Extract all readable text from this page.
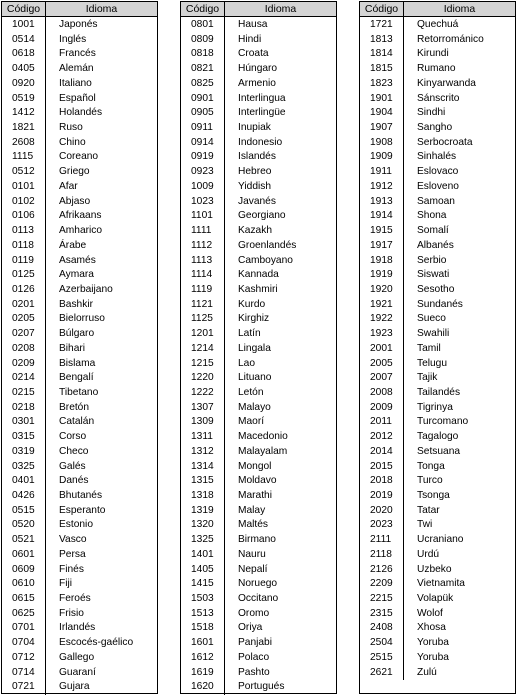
Código	Idioma
1001	Japonés
0514	Inglés
0618	Francés
0405	Alemán
0920	Italiano
0519	Español
1412	Holandés
1821	Ruso
2608	Chino
1115	Coreano
0512	Griego
0101	Afar
0102	Abjaso
0106	Afrikaans
0113	Amharico
0118	Árabe
0119	Asamés
0125	Aymara
0126	Azerbaijano
0201	Bashkir
0205	Bielorruso
0207	Búlgaro
0208	Bihari
0209	Bislama
0214	Bengalí
0215	Tibetano
0218	Bretón
0301	Catalán
0315	Corso
0319	Checo
0325	Galés
0401	Danés
0426	Bhutanés
0515	Esperanto
0520	Estonio
0521	Vasco
0601	Persa
0609	Finés
0610	Fiji
0615	Feroés
0625	Frisio
0701	Irlandés
0704	Escocés-gaélico
0712	Gallego
0714	Guaraní
0721	Gujara
Código	Idioma
0801	Hausa
0809	Hindi
0818	Croata
0821	Húngaro
0825	Armenio
0901	Interlingua
0905	Interlingüe
0911	Inupiak
0914	Indonesio
0919	Islandés
0923	Hebreo
1009	Yiddish
1023	Javanés
1101	Georgiano
1111	Kazakh
1112	Groenlandés
1113	Camboyano
1114	Kannada
1119	Kashmiri
1121	Kurdo
1125	Kirghiz
1201	Latín
1214	Lingala
1215	Lao
1220	Lituano
1222	Letón
1307	Malayo
1309	Maorí
1311	Macedonio
1312	Malayalam
1314	Mongol
1315	Moldavo
1318	Marathi
1319	Malay
1320	Maltés
1325	Birmano
1401	Nauru
1405	Nepalí
1415	Noruego
1503	Occitano
1513	Oromo
1518	Oriya
1601	Panjabi
1612	Polaco
1619	Pashto
1620	Portugués
Código	Idioma
1721	Quechuá
1813	Retorrománico
1814	Kirundi
1815	Rumano
1823	Kinyarwanda
1901	Sánscrito
1904	Sindhi
1907	Sangho
1908	Serbocroata
1909	Sinhalés
1911	Eslovaco
1912	Esloveno
1913	Samoan
1914	Shona
1915	Somalí
1917	Albanés
1918	Serbio
1919	Siswati
1920	Sesotho
1921	Sundanés
1922	Sueco
1923	Swahili
2001	Tamil
2005	Telugu
2007	Tajik
2008	Tailandés
2009	Tigrinya
2011	Turcomano
2012	Tagalogo
2014	Setsuana
2015	Tonga
2018	Turco
2019	Tsonga
2020	Tatar
2023	Twi
2111	Ucraniano
2118	Urdú
2126	Uzbeko
2209	Vietnamita
2215	Volapük
2315	Wolof
2408	Xhosa
2504	Yoruba
2515	Yoruba
2621	Zulú
